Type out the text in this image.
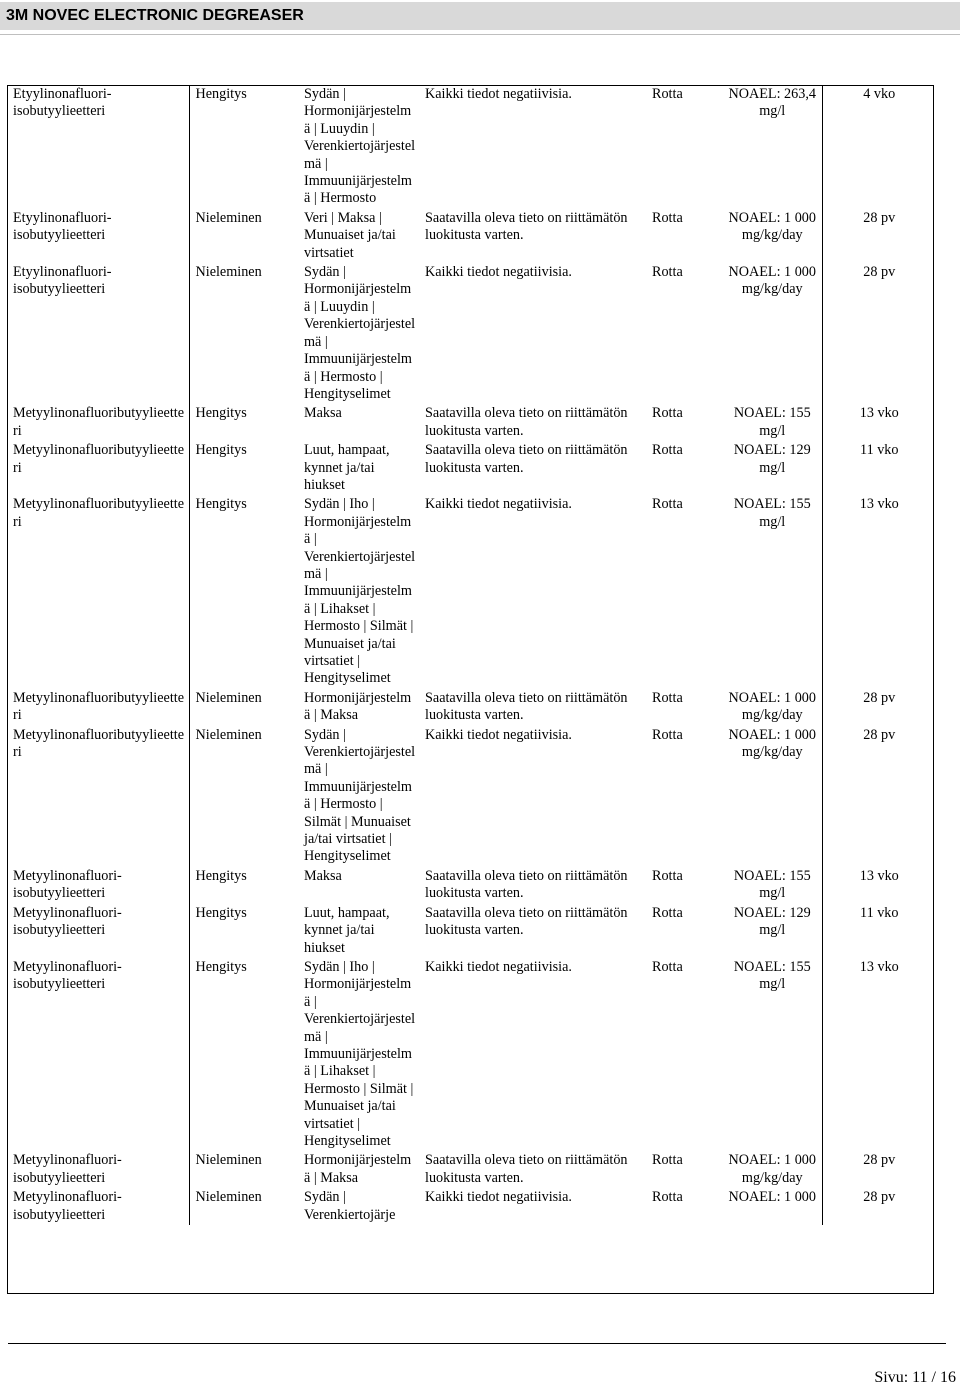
3M NOVEC ELECTRONIC DEGREASER
Etyylinonafluori-isobutyylieetteri	Hengitys	Sydän | Hormonijärjestelmä | Luuydin | Verenkiertojärjestelmä | Immuunijärjestelmä | Hermosto	Kaikki tiedot negatiivisia.	Rotta	NOAEL: 263,4 mg/l	4 vko
Etyylinonafluori-isobutyylieetteri	Nieleminen	Veri | Maksa | Munuaiset ja/tai virtsatiet	Saatavilla oleva tieto on riittämätön luokitusta varten.	Rotta	NOAEL: 1 000 mg/kg/day	28 pv
Etyylinonafluori-isobutyylieetteri	Nieleminen	Sydän | Hormonijärjestelmä | Luuydin | Verenkiertojärjestelmä | Immuunijärjestelmä | Hermosto | Hengityselimet	Kaikki tiedot negatiivisia.	Rotta	NOAEL: 1 000 mg/kg/day	28 pv
Metyylinonafluoributyylieetteri	Hengitys	Maksa	Saatavilla oleva tieto on riittämätön luokitusta varten.	Rotta	NOAEL: 155 mg/l	13 vko
Metyylinonafluoributyylieetteri	Hengitys	Luut, hampaat, kynnet ja/tai hiukset	Saatavilla oleva tieto on riittämätön luokitusta varten.	Rotta	NOAEL: 129 mg/l	11 vko
Metyylinonafluoributyylieetteri	Hengitys	Sydän | Iho | Hormonijärjestelmä | Verenkiertojärjestelmä | Immuunijärjestelmä | Lihakset | Hermosto | Silmät | Munuaiset ja/tai virtsatiet | Hengityselimet	Kaikki tiedot negatiivisia.	Rotta	NOAEL: 155 mg/l	13 vko
Metyylinonafluoributyylieetteri	Nieleminen	Hormonijärjestelmä | Maksa	Saatavilla oleva tieto on riittämätön luokitusta varten.	Rotta	NOAEL: 1 000 mg/kg/day	28 pv
Metyylinonafluoributyylieetteri	Nieleminen	Sydän | Verenkiertojärjestelmä | Immuunijärjestelmä | Hermosto | Silmät | Munuaiset ja/tai virtsatiet | Hengityselimet	Kaikki tiedot negatiivisia.	Rotta	NOAEL: 1 000 mg/kg/day	28 pv
Metyylinonafluori-isobutyylieetteri	Hengitys	Maksa	Saatavilla oleva tieto on riittämätön luokitusta varten.	Rotta	NOAEL: 155 mg/l	13 vko
Metyylinonafluori-isobutyylieetteri	Hengitys	Luut, hampaat, kynnet ja/tai hiukset	Saatavilla oleva tieto on riittämätön luokitusta varten.	Rotta	NOAEL: 129 mg/l	11 vko
Metyylinonafluori-isobutyylieetteri	Hengitys	Sydän | Iho | Hormonijärjestelmä | Verenkiertojärjestelmä | Immuunijärjestelmä | Lihakset | Hermosto | Silmät | Munuaiset ja/tai virtsatiet | Hengityselimet	Kaikki tiedot negatiivisia.	Rotta	NOAEL: 155 mg/l	13 vko
Metyylinonafluori-isobutyylieetteri	Nieleminen	Hormonijärjestelmä | Maksa	Saatavilla oleva tieto on riittämätön luokitusta varten.	Rotta	NOAEL: 1 000 mg/kg/day	28 pv
Metyylinonafluori-isobutyylieetteri	Nieleminen	Sydän | Verenkiertojärje	Kaikki tiedot negatiivisia.	Rotta	NOAEL: 1 000	28 pv
Sivu: 11 / 16
